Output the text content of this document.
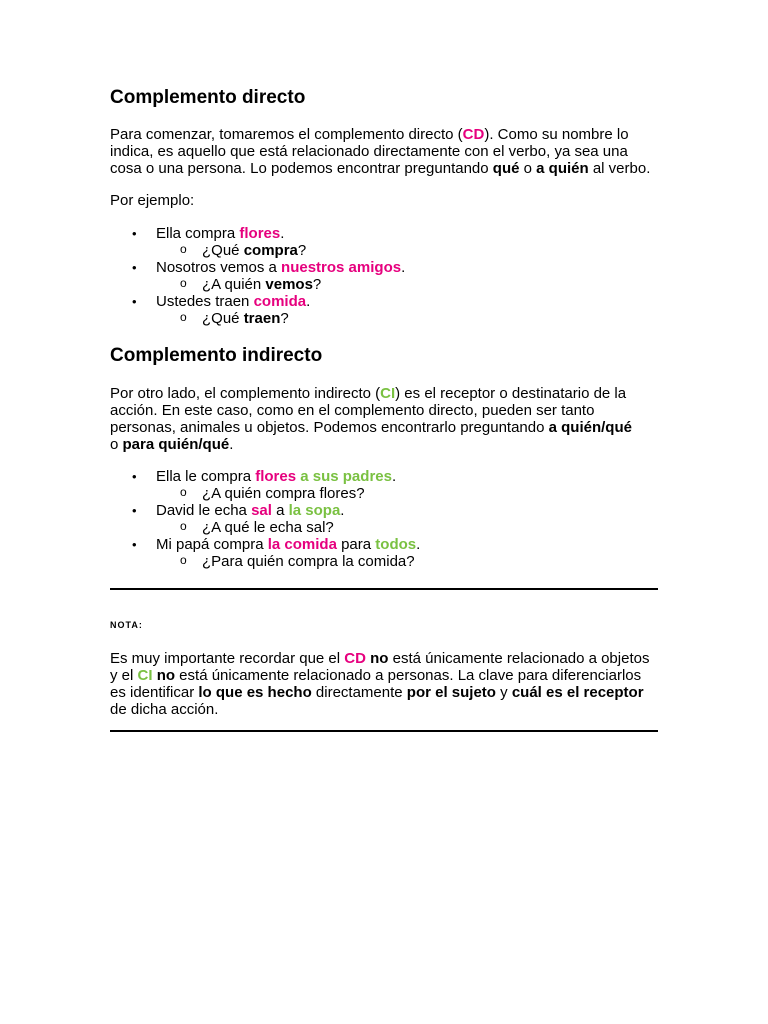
Complemento directo

Para comenzar, tomaremos el complemento directo (CD). Como su nombre lo indica, es aquello que está relacionado directamente con el verbo, ya sea una cosa o una persona. Lo podemos encontrar preguntando qué o a quién al verbo.

Por ejemplo:

• Ella compra flores.
o ¿Qué compra?
• Nosotros vemos a nuestros amigos.
o ¿A quién vemos?
• Ustedes traen comida.
o ¿Qué traen?
Complemento indirecto

Por otro lado, el complemento indirecto (CI) es el receptor o destinatario de la acción. En este caso, como en el complemento directo, pueden ser tanto personas, animales u objetos. Podemos encontrarlo preguntando a quién/qué o para quién/qué.

• Ella le compra flores a sus padres.
o ¿A quién compra flores?
• David le echa sal a la sopa.
o ¿A qué le echa sal?
• Mi papá compra la comida para todos.
o ¿Para quién compra la comida?
NOTA:

Es muy importante recordar que el CD no está únicamente relacionado a objetos y el CI no está únicamente relacionado a personas. La clave para diferenciarlos es identificar lo que es hecho directamente por el sujeto y cuál es el receptor de dicha acción.
